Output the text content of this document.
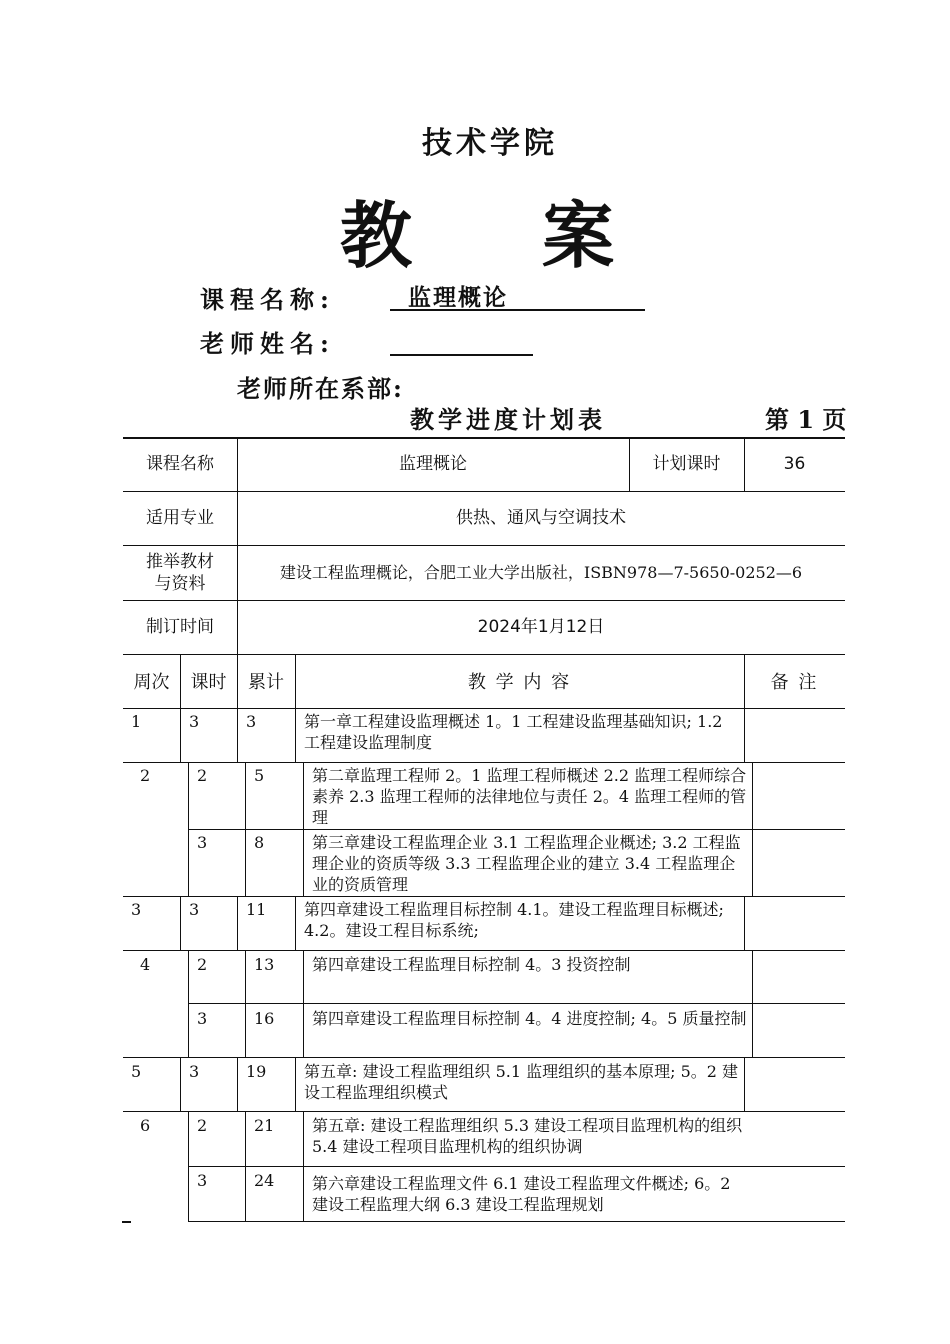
技术学院
教 案
课程名称:	监理概论
老师姓名:
老师所在系部:
教学进度计划表	第 1 页
课程名称	监理概论	计划课时	36
适用专业	供热、通风与空调技术
推举教材
与资料
建设工程监理概论，合肥工业大学出版社，ISBN978—7-5650-0252—6
制订时间	2024年1月12日
周次	课时	累计	教 学 内 容	备 注
1	3	3	第一章工程建设监理概述 1。1 工程建设监理基础知识; 1.2 工程建设监理制度
2	2	5	第二章监理工程师 2。1 监理工程师概述 2.2 监理工程师综合素养 2.3 监理工程师的法律地位与责任 2。4 监理工程师的管理
3	8	第三章建设工程监理企业 3.1 工程监理企业概述; 3.2 工程监理企业的资质等级 3.3 工程监理企业的建立 3.4 工程监理企业的资质管理
3	3	11 第四章建设工程监理目标控制 4.1。建设工程监理目标概述; 4.2。建设工程目标系统;
4	2	13 第四章建设工程监理目标控制 4。3 投资控制
3	16 第四章建设工程监理目标控制 4。4 进度控制; 4。5 质量控制
5	3	19 第五章: 建设工程监理组织 5.1 监理组织的基本原理; 5。2 建设工程监理组织模式
6	2	21 第五章: 建设工程监理组织 5.3 建设工程项目监理机构的组织 5.4 建设工程项目监理机构的组织协调
3	24 第六章建设工程监理文件 6.1 建设工程监理文件概述; 6。2 建设工程监理大纲 6.3 建设工程监理规划
